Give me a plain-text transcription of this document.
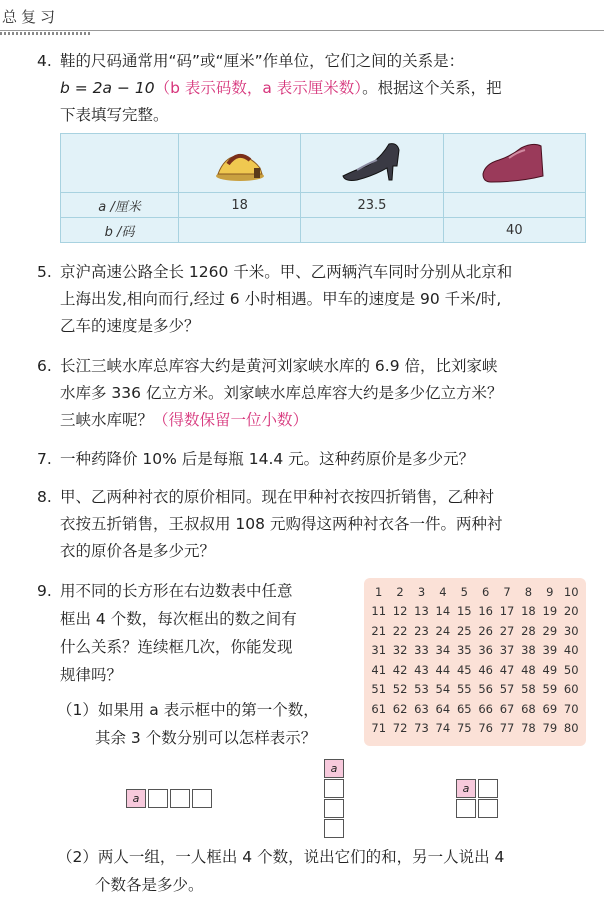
总复习
4. 鞋的尺码通常用“码”或“厘米”作单位，它们之间的关系是：
b = 2a − 10（b 表示码数，a 表示厘米数）。根据这个关系，把
下表填写完整。

a /厘米	18	23.5	
b /码			40
5. 京沪高速公路全长 1260 千米。甲、乙两辆汽车同时分别从北京和
上海出发,相向而行,经过 6 小时相遇。甲车的速度是 90 千米/时,
乙车的速度是多少？
6. 长江三峡水库总库容大约是黄河刘家峡水库的 6.9 倍，比刘家峡
水库多 336 亿立方米。刘家峡水库总库容大约是多少亿立方米？
三峡水库呢？（得数保留一位小数）
7. 一种药降价 10% 后是每瓶 14.4 元。这种药原价是多少元？
8. 甲、乙两种衬衣的原价相同。现在甲种衬衣按四折销售，乙种衬
衣按五折销售，王叔叔用 108 元购得这两种衬衣各一件。两种衬
衣的原价各是多少元？
9. 用不同的长方形在右边数表中任意
框出 4 个数，每次框出的数之间有
什么关系？连续框几次，你能发现
规律吗？
（1）如果用 a 表示框中的第一个数，
其余 3 个数分别可以怎样表示？
1	2	3	4	5	6	7	8	9	10
11	12	13	14	15	16	17	18	19	20
21	22	23	24	25	26	27	28	29	30
31	32	33	34	35	36	37	38	39	40
41	42	43	44	45	46	47	48	49	50
51	52	53	54	55	56	57	58	59	60
61	62	63	64	65	66	67	68	69	70
71	72	73	74	75	76	77	78	79	80
a
a
a
（2）两人一组，一人框出 4 个数，说出它们的和，另一人说出 4
个数各是多少。
